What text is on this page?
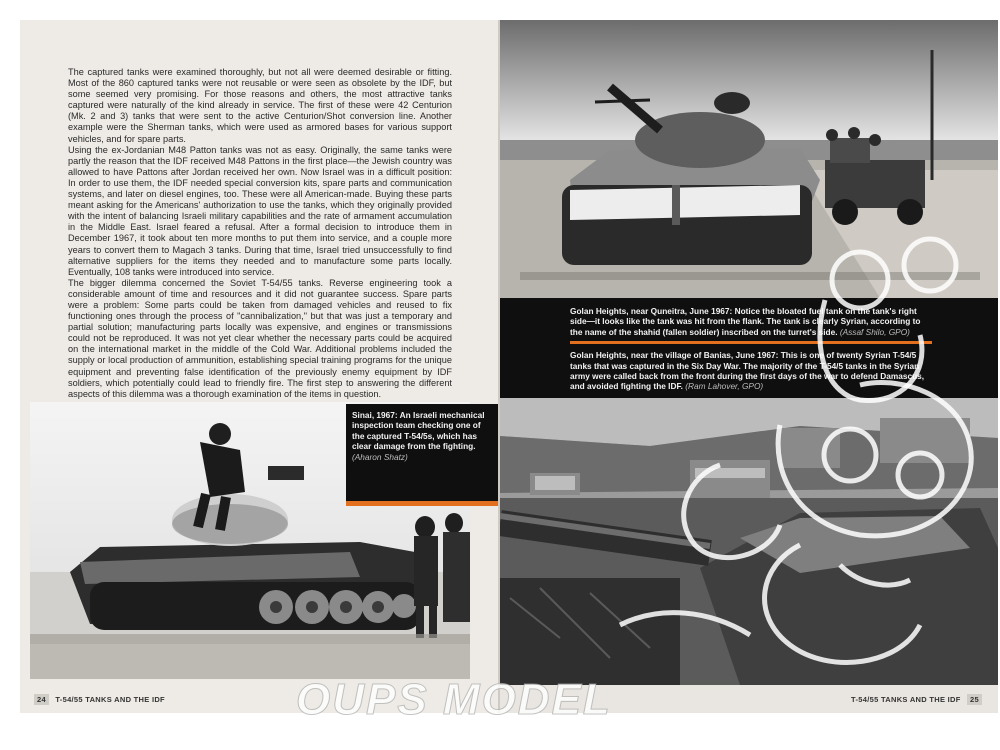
The captured tanks were examined thoroughly, but not all were deemed desirable or fitting. Most of the 860 captured tanks were not reusable or were seen as obsolete by the IDF, but some seemed very promising. For those reasons and others, the most attractive tanks captured were naturally of the kind already in service. The first of these were 42 Centurion (Mk. 2 and 3) tanks that were sent to the active Centurion/Shot conversion line. Another example were the Sherman tanks, which were used as armored bases for various support vehicles, and for spare parts.

Using the ex-Jordanian M48 Patton tanks was not as easy. Originally, the same tanks were partly the reason that the IDF received M48 Pattons in the first place—the Jewish country was allowed to have Pattons after Jordan received her own. Now Israel was in a difficult position: In order to use them, the IDF needed special conversion kits, spare parts and communication systems, and later on diesel engines, too. These were all American-made. Buying these parts meant asking for the Americans' authorization to use the tanks, which they originally provided with the intent of balancing Israeli military capabilities and the rate of armament accumulation in the Middle East. Israel feared a refusal. After a formal decision to introduce them in December 1967, it took about ten more months to put them into service, and a couple more years to convert them to Magach 3 tanks. During that time, Israel tried unsuccessfully to find alternative suppliers for the items they needed and to manufacture some parts locally. Eventually, 108 tanks were introduced into service.

The bigger dilemma concerned the Soviet T-54/55 tanks. Reverse engineering took a considerable amount of time and resources and it did not guarantee success. Spare parts were a problem: Some parts could be taken from damaged vehicles and reused to fix functioning ones through the process of "cannibalization," but that was just a temporary and partial solution; manufacturing parts locally was expensive, and engines or transmissions could not be reproduced. It was not yet clear whether the necessary parts could be acquired on the international market in the middle of the Cold War. Additional problems included the supply or local production of ammunition, establishing special training programs for the unique equipment and preventing false identification of the previously enemy equipment by IDF soldiers, which potentially could lead to friendly fire. The first step to answering the different aspects of this dilemma was a thorough examination of the items in question.

Sinai, 1967: An Israeli mechanical inspection team checking one of the captured T-54/5s, which has clear damage from the fighting. (Aharon Shatz)
24 T-54/55 TANKS AND THE IDF

Golan Heights, near Quneitra, June 1967: Notice the bloated fuel tank on the tank's right side—it looks like the tank was hit from the flank. The tank is clearly Syrian, according to the name of the shahid (fallen soldier) inscribed on the turret's side. (Assaf Shilo, GPO)

Golan Heights, near the village of Banias, June 1967: This is one of twenty Syrian T-54/5 tanks that was captured in the Six Day War. The majority of the T-54/5 tanks in the Syrian army were called back from the front during the first days of the war to defend Damascus, and avoided fighting the IDF. (Ram Lahover, GPO)

T-54/55 TANKS AND THE IDF 25
OUPS MODEL
